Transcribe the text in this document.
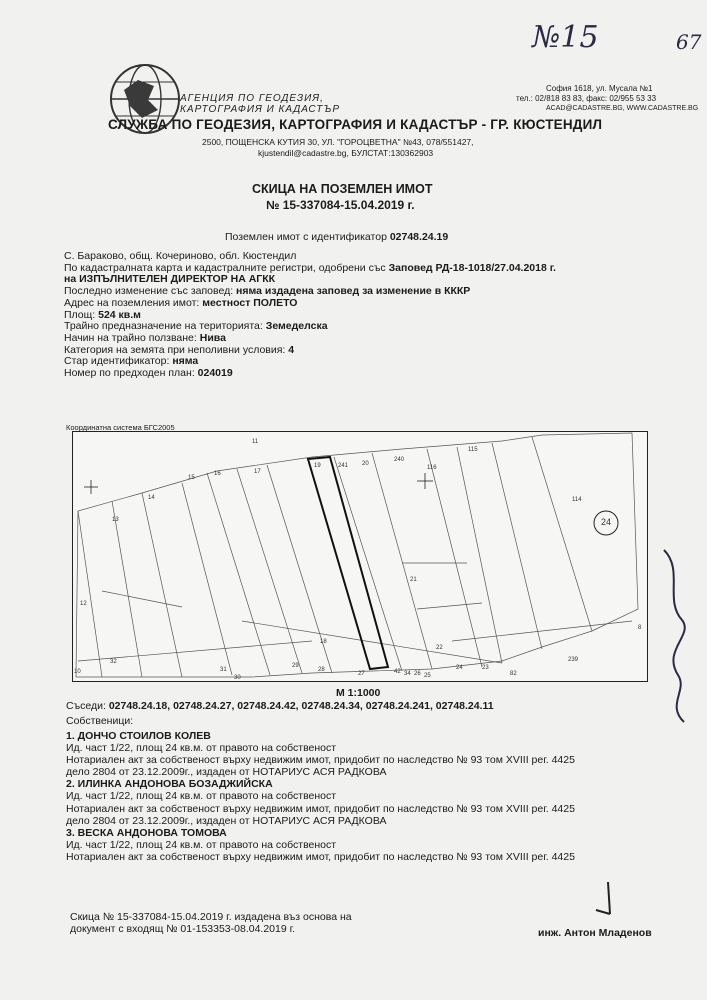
№15	67
АГЕНЦИЯ ПО ГЕОДЕЗИЯ,
КАРТОГРАФИЯ И КАДАСТЪР
София 1618, ул. Мусала №1
тел.: 02/818 83 83, факс: 02/955 53 33
ACAD@CADASTRE.BG, WWW.CADASTRE.BG
СЛУЖБА ПО ГЕОДЕЗИЯ, КАРТОГРАФИЯ И КАДАСТЪР - ГР. КЮСТЕНДИЛ
2500, ПОЩЕНСКА КУТИЯ 30, УЛ. "ГОРОЦВЕТНА" №43, 078/551427,
kjustendil@cadastre.bg, БУЛСТАТ:130362903
СКИЦА НА ПОЗЕМЛЕН ИМОТ
№ 15-337084-15.04.2019 г.
Поземлен имот с идентификатор 02748.24.19
С. Бараково, общ. Кочериново, обл. Кюстендил
По кадастралната карта и кадастралните регистри, одобрени със Заповед РД-18-1018/27.04.2018 г.
на ИЗПЪЛНИТЕЛЕН ДИРЕКТОР НА АГКК
Последно изменение със заповед: няма издадена заповед за изменение в КККР
Адрес на поземления имот: местност ПОЛЕТО
Площ: 524 кв.м
Трайно предназначение на територията: Земеделска
Начин на трайно ползване: Нива
Категория на земята при неполивни условия: 4
Стар идентификатор: няма
Номер по предходен план: 024019
Координатна система БГС2005
11
12
13
14
15
16	17
19	241 20
240
116
115
114
24
21
22
18
32
31
30
29
28
27	42 34 26 25
24	23
82
239
10
8
М 1:1000
Съседи: 02748.24.18, 02748.24.27, 02748.24.42, 02748.24.34, 02748.24.241, 02748.24.11
Собственици:
1. ДОНЧО СТОИЛОВ КОЛЕВ
Ид. част 1/22, площ 24 кв.м. от правото на собственост
Нотариален акт за собственост върху недвижим имот, придобит по наследство № 93 том XVIII рег. 4425
дело 2804 от 23.12.2009г., издаден от НОТАРИУС АСЯ РАДКОВА
2. ИЛИНКА АНДОНОВА БОЗАДЖИЙСКА
Ид. част 1/22, площ 24 кв.м. от правото на собственост
Нотариален акт за собственост върху недвижим имот, придобит по наследство № 93 том XVIII рег. 4425
дело 2804 от 23.12.2009г., издаден от НОТАРИУС АСЯ РАДКОВА
3. ВЕСКА АНДОНОВА ТОМОВА
Ид. част 1/22, площ 24 кв.м. от правото на собственост
Нотариален акт за собственост върху недвижим имот, придобит по наследство № 93 том XVIII рег. 4425
Скица № 15-337084-15.04.2019 г. издадена въз основа на
документ с входящ № 01-153353-08.04.2019 г.	инж. Антон Младенов
